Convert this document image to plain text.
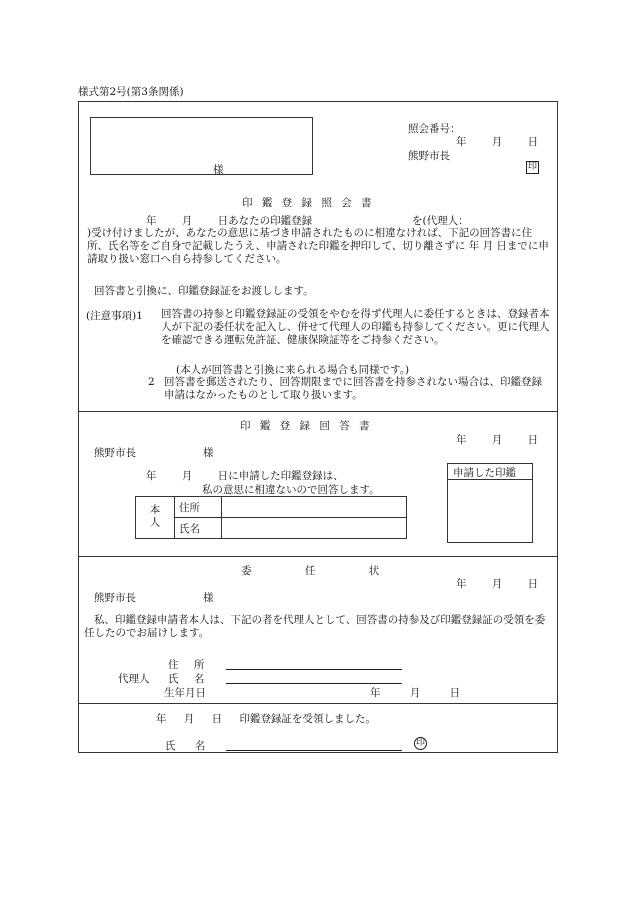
様式第2号(第3条関係)
様
照会番号：
年 月 日
熊野市長
印
印 鑑 登 録 照 会 書
年 月 日あなたの印鑑登録	を(代理人：
)受け付けましたが、あなたの意思に基づき申請されたものに相違なければ、下記の回答書に住所、氏名等をご自身で記載したうえ、申請された印鑑を押印して、切り離さずに 年 月 日までに申請取り扱い窓口へ自ら持参してください。
回答書と引換に、印鑑登録証をお渡しします。
(注意事項)1 回答書の持参と印鑑登録証の受領をやむを得ず代理人に委任するときは、登録者本人が下記の委任状を記入し、併せて代理人の印鑑も持参してください。更に代理人を確認できる運転免許証、健康保険証等をご持参ください。
(本人が回答書と引換に来られる場合も同様です。)
2 回答書を郵送されたり、回答期限までに回答書を持参されない場合は、印鑑登録申請はなかったものとして取り扱います。
印 鑑 登 録 回 答 書
年 月 日
熊野市長	様
申請した印鑑
年 月 日に申請した印鑑登録は、
私の意思に相違ないので回答します。
本人	住所	
	氏名	
委 任 状
年 月 日
熊野市長	様
私、印鑑登録申請者本人は、下記の者を代理人として、回答書の持参及び印鑑登録証の受領を委任したのでお届けします。
代理人
住 所
氏 名
生年月日	年 月 日
年 月 日 印鑑登録証を受領しました。
氏 名	印
